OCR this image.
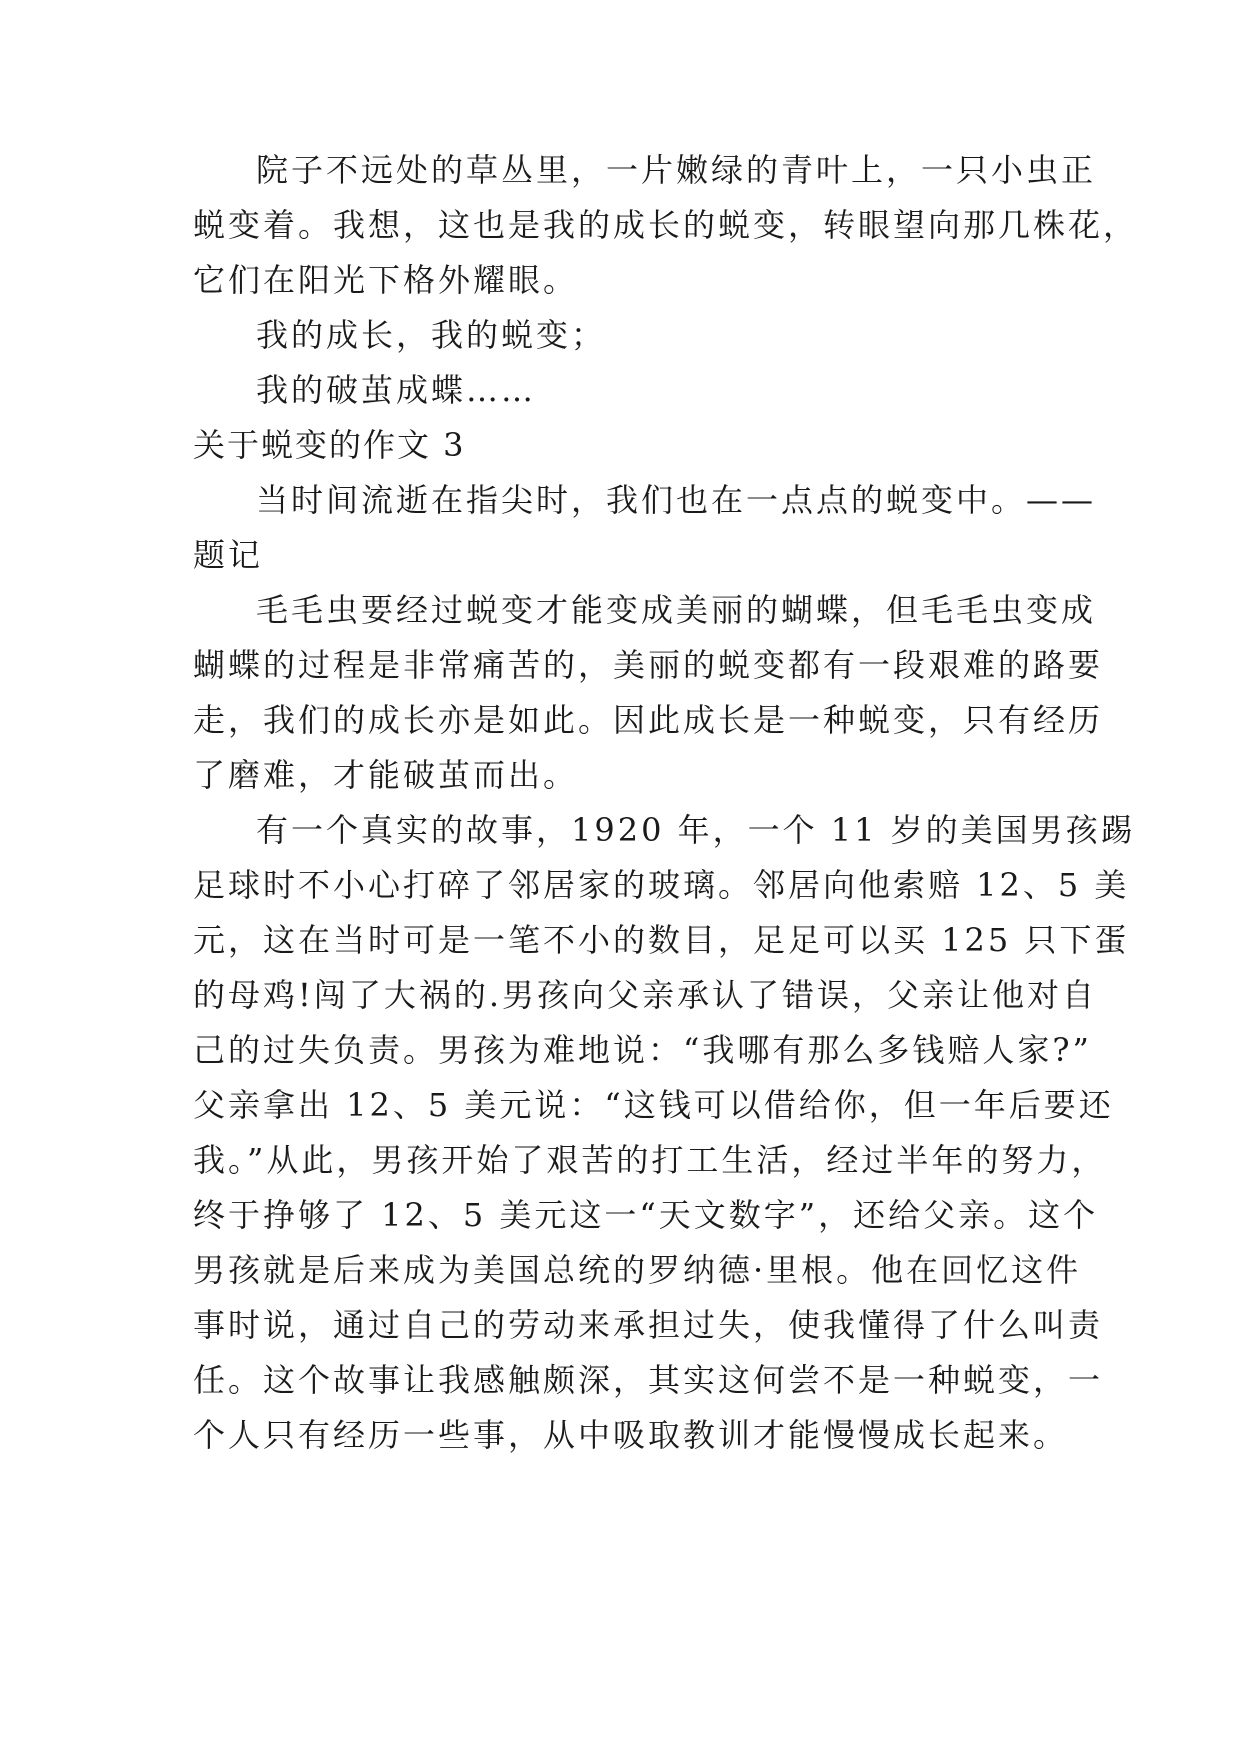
院子不远处的草丛里，一片嫩绿的青叶上，一只小虫正
蜕变着。我想，这也是我的成长的蜕变，转眼望向那几株花，
它们在阳光下格外耀眼。
我的成长，我的蜕变；
我的破茧成蝶……
关于蜕变的作文 3
当时间流逝在指尖时，我们也在一点点的蜕变中。——
题记
毛毛虫要经过蜕变才能变成美丽的蝴蝶，但毛毛虫变成
蝴蝶的过程是非常痛苦的，美丽的蜕变都有一段艰难的路要
走，我们的成长亦是如此。因此成长是一种蜕变，只有经历
了磨难，才能破茧而出。
有一个真实的故事，1920 年，一个 11 岁的美国男孩踢
足球时不小心打碎了邻居家的玻璃。邻居向他索赔 12、5 美
元，这在当时可是一笔不小的数目，足足可以买 125 只下蛋
的母鸡!闯了大祸的.男孩向父亲承认了错误，父亲让他对自
己的过失负责。男孩为难地说：“我哪有那么多钱赔人家?”
父亲拿出 12、5 美元说：“这钱可以借给你，但一年后要还
我。”从此，男孩开始了艰苦的打工生活，经过半年的努力，
终于挣够了 12、5 美元这一“天文数字”，还给父亲。这个
男孩就是后来成为美国总统的罗纳德·里根。他在回忆这件
事时说，通过自己的劳动来承担过失，使我懂得了什么叫责
任。这个故事让我感触颇深，其实这何尝不是一种蜕变，一
个人只有经历一些事，从中吸取教训才能慢慢成长起来。
